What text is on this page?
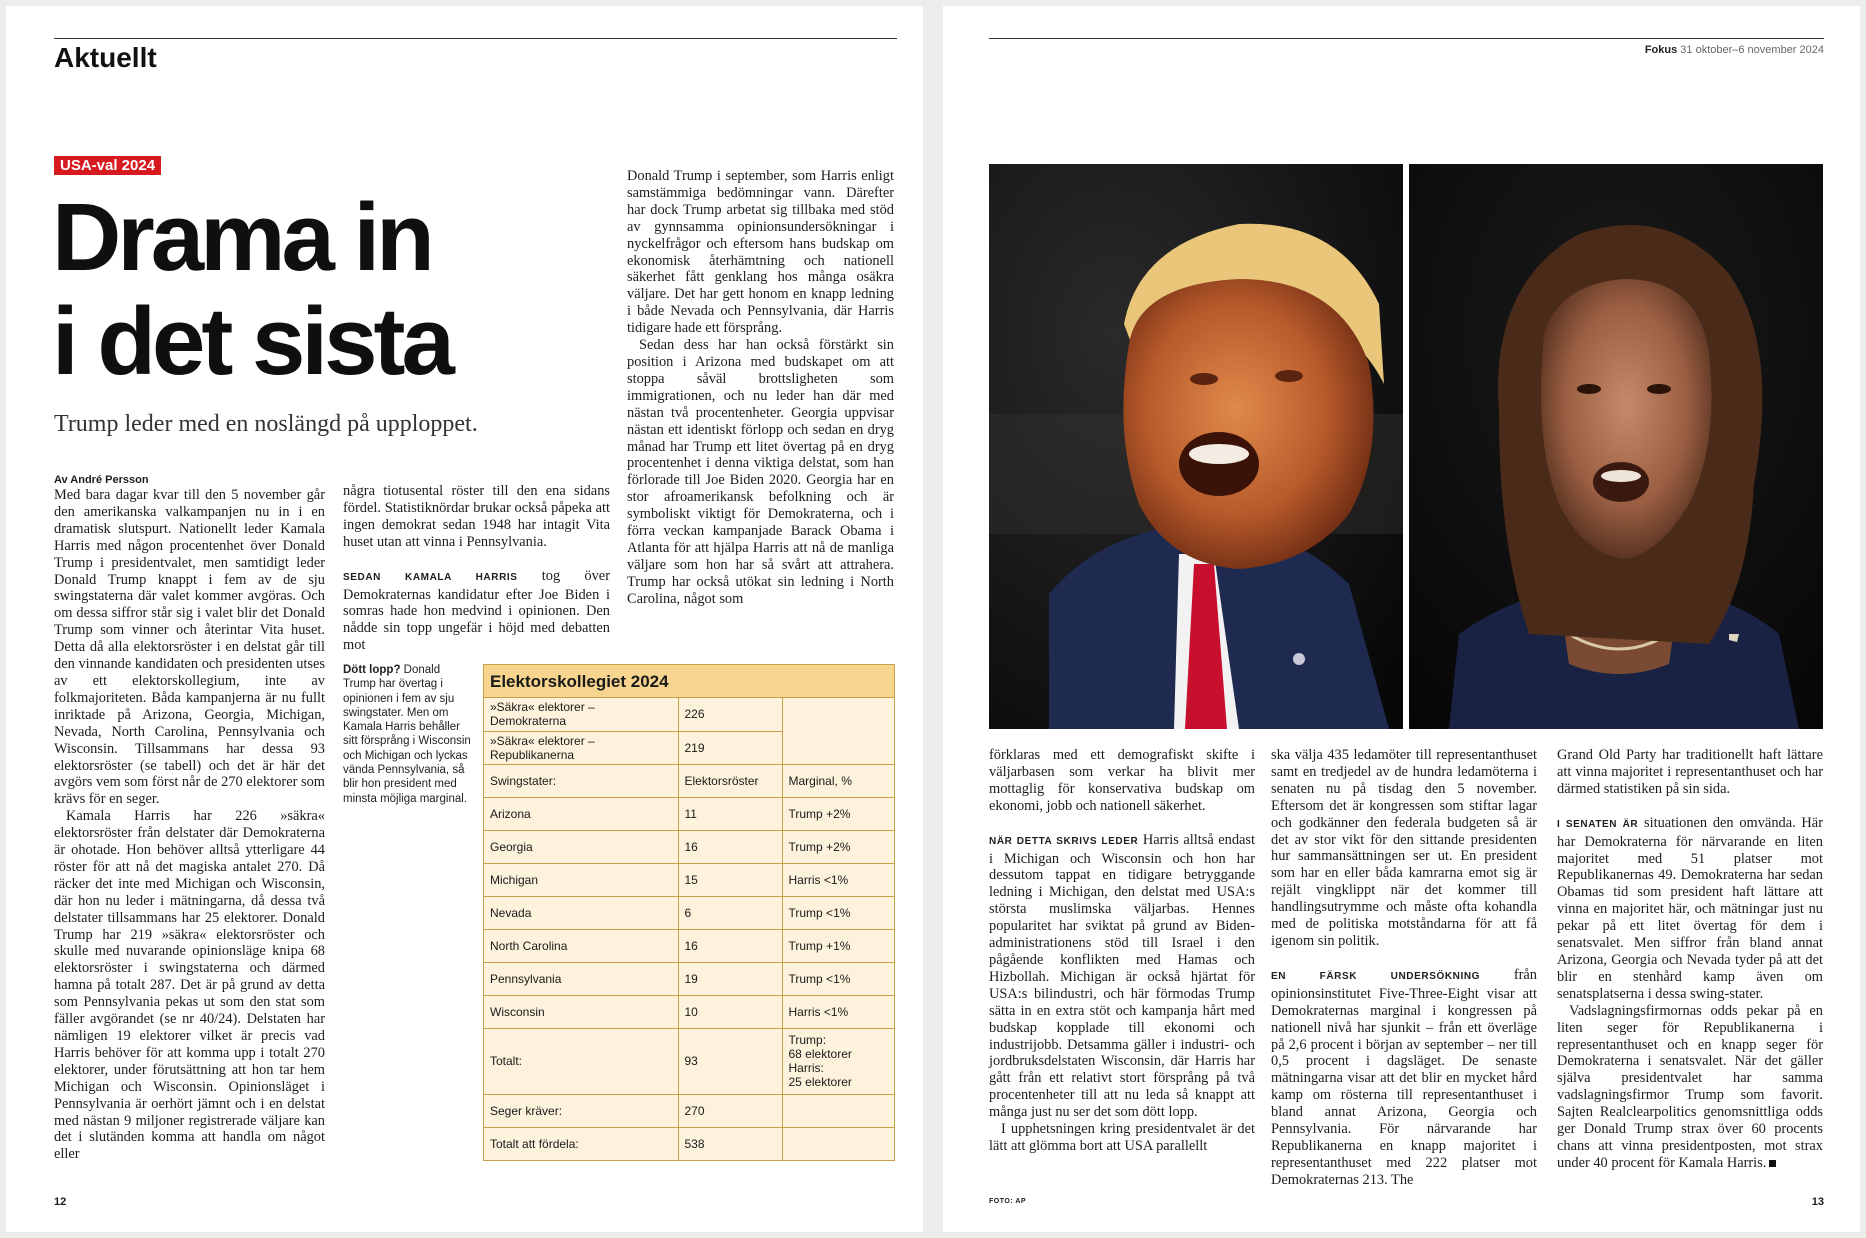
Aktuellt
USA-val 2024
Drama in
i det sista
Trump leder med en noslängd på upploppet.
Av André Persson

Med bara dagar kvar till den 5 november går den amerikanska valkampanjen nu in i en dramatisk slutspurt. Nationellt leder Kamala Harris med någon procentenhet över Donald Trump i presidentvalet, men samtidigt leder Donald Trump knappt i fem av de sju swingstaterna där valet kommer avgöras. Och om dessa siffror står sig i valet blir det Donald Trump som vinner och återintar Vita huset. Detta då alla elektorsröster i en delstat går till den vinnande kandidaten och presidenten utses av ett elektorskollegium, inte av folkmajoriteten. Båda kampanjerna är nu fullt inriktade på Arizona, Georgia, Michigan, Nevada, North Carolina, Pennsylvania och Wisconsin. Tillsammans har dessa 93 elektorsröster (se tabell) och det är här det avgörs vem som först når de 270 elektorer som krävs för en seger.

Kamala Harris har 226 »säkra« elektorsröster från delstater där Demokraterna är ohotade. Hon behöver alltså ytterligare 44 röster för att nå det magiska antalet 270. Då räcker det inte med Michigan och Wisconsin, där hon nu leder i mätningarna, då dessa två delstater tillsammans har 25 elektorer. Donald Trump har 219 »säkra« elektorsröster och skulle med nuvarande opinionsläge knipa 68 elektorsröster i swingstaterna och därmed hamna på totalt 287. Det är på grund av detta som Pennsylvania pekas ut som den stat som fäller avgörandet (se nr 40/24). Delstaten har nämligen 19 elektorer vilket är precis vad Harris behöver för att komma upp i totalt 270 elektorer, under förutsättning att hon tar hem Michigan och Wisconsin. Opinionsläget i Pennsylvania är oerhört jämnt och i en delstat med nästan 9 miljoner registrerade väljare kan det i slutänden komma att handla om något eller

några tiotusental röster till den ena sidans fördel. Statistiknördar brukar också påpeka att ingen demokrat sedan 1948 har intagit Vita huset utan att vinna i Pennsylvania.

SEDAN KAMALA HARRIS tog över Demokraternas kandidatur efter Joe Biden i somras hade hon medvind i opinionen. Den nådde sin topp ungefär i höjd med debatten mot

Donald Trump i september, som Harris enligt samstämmiga bedömningar vann. Därefter har dock Trump arbetat sig tillbaka med stöd av gynnsamma opinionsundersökningar i nyckelfrågor och eftersom hans budskap om ekonomisk återhämtning och nationell säkerhet fått genklang hos många osäkra väljare. Det har gett honom en knapp ledning i både Nevada och Pennsylvania, där Harris tidigare hade ett försprång.

Sedan dess har han också förstärkt sin position i Arizona med budskapet om att stoppa såväl brottsligheten som immigrationen, och nu leder han där med nästan två procentenheter. Georgia uppvisar nästan ett identiskt förlopp och sedan en dryg månad har Trump ett litet övertag på en dryg procentenhet i denna viktiga delstat, som han förlorade till Joe Biden 2020. Georgia har en stor afroamerikansk befolkning och är symboliskt viktigt för Demokraterna, och i förra veckan kampanjade Barack Obama i Atlanta för att hjälpa Harris att nå de manliga väljare som hon har så svårt att attrahera. Trump har också utökat sin ledning i North Carolina, något som

Dött lopp? Donald Trump har övertag i opinionen i fem av sju swingstater. Men om Kamala Harris behåller sitt försprång i Wisconsin och Michigan och lyckas vända Pennsylvania, så blir hon president med minsta möjliga marginal.
Elektorskollegiet 2024
»Säkra« elektorer – Demokraterna	226	
»Säkra« elektorer – Republikanerna	219	
Swingstater:	Elektorsröster	Marginal, %
Arizona	11	Trump +2%
Georgia	16	Trump +2%
Michigan	15	Harris <1%
Nevada	6	Trump <1%
North Carolina	16	Trump +1%
Pennsylvania	19	Trump <1%
Wisconsin	10	Harris <1%
Totalt:	93	Trump:
68 elektorer
Harris:
25 elektorer
Seger kräver:	270	
Totalt att fördela:	538	
12
Fokus 31 oktober–6 november 2024

förklaras med ett demografiskt skifte i väljarbasen som verkar ha blivit mer mottaglig för konservativa budskap om ekonomi, jobb och nationell säkerhet.

NÄR DETTA SKRIVS LEDER Harris alltså endast i Michigan och Wisconsin och hon har dessutom tappat en tidigare betryggande ledning i Michigan, den delstat med USA:s största muslimska väljarbas. Hennes popularitet har sviktat på grund av Biden-administrationens stöd till Israel i den pågående konflikten med Hamas och Hizbollah. Michigan är också hjärtat för USA:s bilindustri, och här förmodas Trump sätta in en extra stöt och kampanja hårt med budskap kopplade till ekonomi och industrijobb. Detsamma gäller i industri- och jordbruksdelstaten Wisconsin, där Harris har gått från ett relativt stort försprång på två procentenheter till att nu leda så knappt att många just nu ser det som dött lopp.

I upphetsningen kring presidentvalet är det lätt att glömma bort att USA parallellt

ska välja 435 ledamöter till representanthuset samt en tredjedel av de hundra ledamöterna i senaten nu på tisdag den 5 november. Eftersom det är kongressen som stiftar lagar och godkänner den federala budgeten så är det av stor vikt för den sittande presidenten hur sammansättningen ser ut. En president som har en eller båda kamrarna emot sig är rejält vingklippt när det kommer till handlingsutrymme och måste ofta kohandla med de politiska motståndarna för att få igenom sin politik.

EN FÄRSK UNDERSÖKNING från opinionsinstitutet Five-Three-Eight visar att Demokraternas marginal i kongressen på nationell nivå har sjunkit – från ett överläge på 2,6 procent i början av september – ner till 0,5 procent i dagsläget. De senaste mätningarna visar att det blir en mycket hård kamp om rösterna till representanthuset i bland annat Arizona, Georgia och Pennsylvania. För närvarande har Republikanerna en knapp majoritet i representanthuset med 222 platser mot Demokraternas 213. The

Grand Old Party har traditionellt haft lättare att vinna majoritet i representanthuset och har därmed statistiken på sin sida.

I SENATEN ÄR situationen den omvända. Här har Demokraterna för närvarande en liten majoritet med 51 platser mot Republikanernas 49. Demokraterna har sedan Obamas tid som president haft lättare att vinna en majoritet här, och mätningar just nu pekar på ett litet övertag för dem i senatsvalet. Men siffror från bland annat Arizona, Georgia och Nevada tyder på att det blir en stenhård kamp även om senatsplatserna i dessa swing-stater.

Vadslagningsfirmornas odds pekar på en liten seger för Republikanerna i representanthuset och en knapp seger för Demokraterna i senatsvalet. När det gäller själva presidentvalet har samma vadslagningsfirmor Trump som favorit. Sajten Realclearpolitics genomsnittliga odds ger Donald Trump strax över 60 procents chans att vinna presidentposten, mot strax under 40 procent för Kamala Harris.

FOTO: AP	13
